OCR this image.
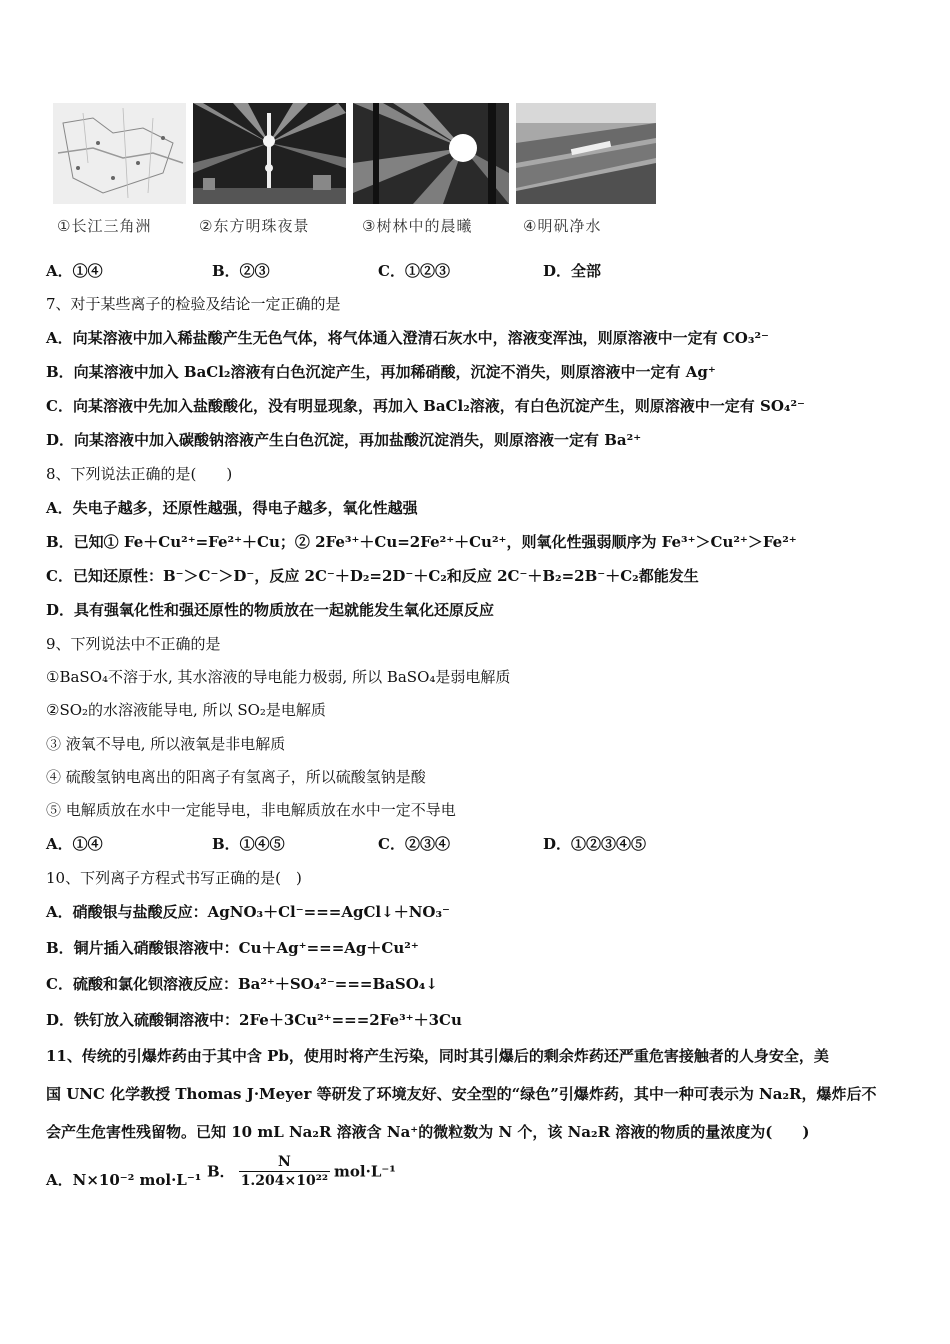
①长江三角洲	②东方明珠夜景	③树林中的晨曦	④明矾净水
A．①④	B．②③	C．①②③	D．全部
7、对于某些离子的检验及结论一定正确的是
A．向某溶液中加入稀盐酸产生无色气体，将气体通入澄清石灰水中，溶液变浑浊，则原溶液中一定有 CO₃²⁻
B．向某溶液中加入 BaCl₂溶液有白色沉淀产生，再加稀硝酸，沉淀不消失，则原溶液中一定有 Ag⁺
C．向某溶液中先加入盐酸酸化，没有明显现象，再加入 BaCl₂溶液，有白色沉淀产生，则原溶液中一定有 SO₄²⁻
D．向某溶液中加入碳酸钠溶液产生白色沉淀，再加盐酸沉淀消失，则原溶液一定有 Ba²⁺
8、下列说法正确的是(　　)
A．失电子越多，还原性越强，得电子越多，氧化性越强
B．已知① Fe＋Cu²⁺=Fe²⁺＋Cu；② 2Fe³⁺＋Cu=2Fe²⁺＋Cu²⁺，则氧化性强弱顺序为 Fe³⁺＞Cu²⁺＞Fe²⁺
C．已知还原性：B⁻＞C⁻＞D⁻，反应 2C⁻＋D₂=2D⁻＋C₂和反应 2C⁻＋B₂=2B⁻＋C₂都能发生
D．具有强氧化性和强还原性的物质放在一起就能发生氧化还原反应
9、下列说法中不正确的是
①BaSO₄不溶于水, 其水溶液的导电能力极弱, 所以 BaSO₄是弱电解质
②SO₂的水溶液能导电, 所以 SO₂是电解质
③ 液氧不导电, 所以液氧是非电解质
④ 硫酸氢钠电离出的阳离子有氢离子，所以硫酸氢钠是酸
⑤ 电解质放在水中一定能导电，非电解质放在水中一定不导电
A．①④	B．①④⑤	C．②③④	D．①②③④⑤
10、下列离子方程式书写正确的是(　)
A．硝酸银与盐酸反应：AgNO₃＋Cl⁻===AgCl↓＋NO₃⁻
B．铜片插入硝酸银溶液中：Cu＋Ag⁺===Ag＋Cu²⁺
C．硫酸和氯化钡溶液反应：Ba²⁺＋SO₄²⁻===BaSO₄↓
D．铁钉放入硫酸铜溶液中：2Fe＋3Cu²⁺===2Fe³⁺＋3Cu
11、传统的引爆炸药由于其中含 Pb，使用时将产生污染，同时其引爆后的剩余炸药还严重危害接触者的人身安全，美
国 UNC 化学教授 Thomas J·Meyer 等研发了环境友好、安全型的“绿色”引爆炸药，其中一种可表示为 Na₂R，爆炸后不
会产生危害性残留物。已知 10 mL Na₂R 溶液含 Na⁺的微粒数为 N 个，该 Na₂R 溶液的物质的量浓度为(　　)
A．N×10⁻² mol·L⁻¹ B． $\frac{N}{\text{1.204×10²²}} mol\cdot L^{-1}$
